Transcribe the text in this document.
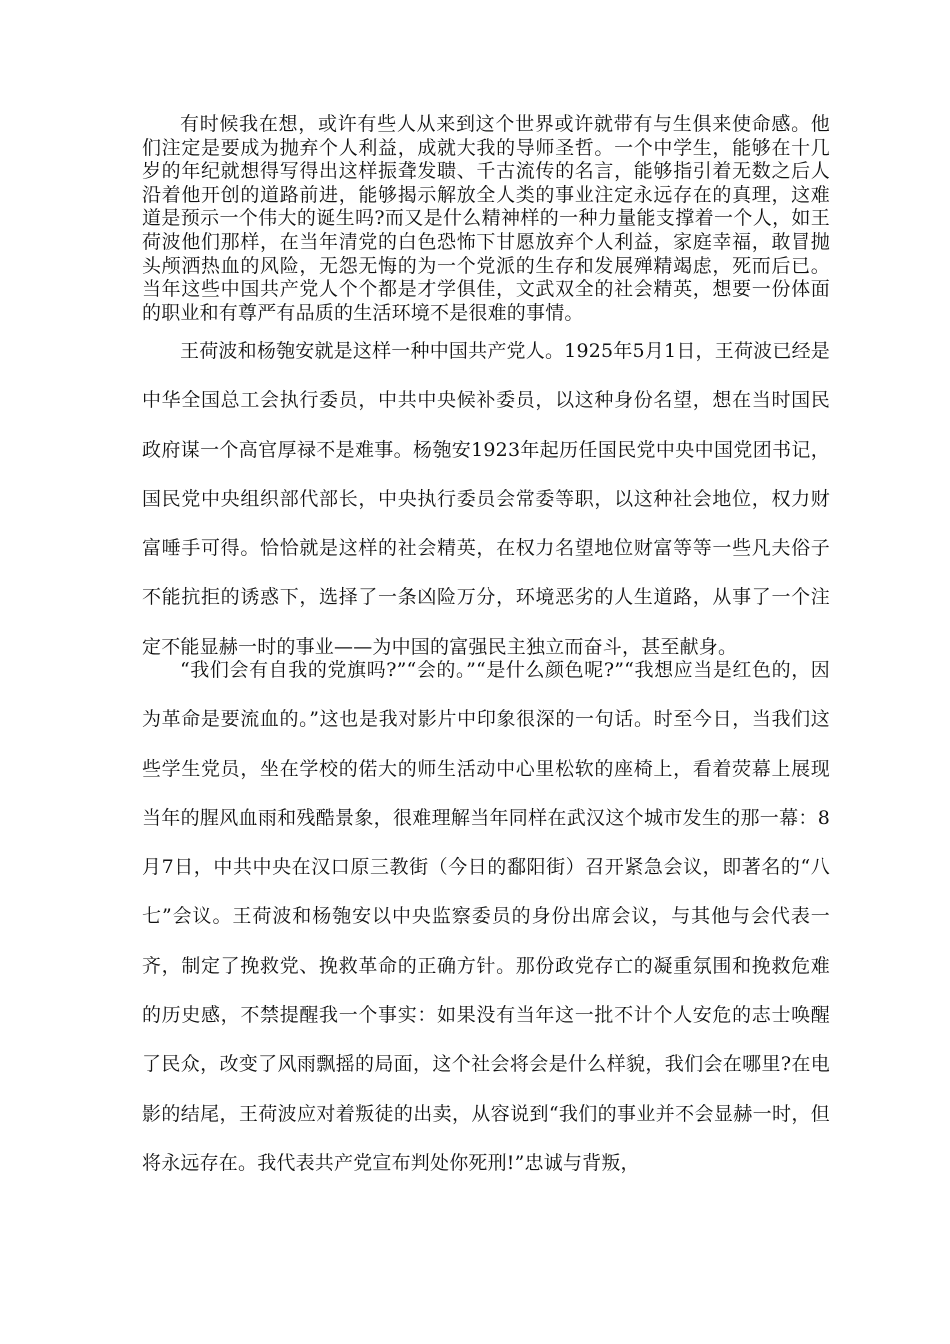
有时候我在想，或许有些人从来到这个世界或许就带有与生俱来使命感。他们注定是要成为抛弃个人利益，成就大我的导师圣哲。一个中学生，能够在十几岁的年纪就想得写得出这样振聋发聩、千古流传的名言，能够指引着无数之后人沿着他开创的道路前进，能够揭示解放全人类的事业注定永远存在的真理，这难道是预示一个伟大的诞生吗?而又是什么精神样的一种力量能支撑着一个人，如王荷波他们那样，在当年清党的白色恐怖下甘愿放弃个人利益，家庭幸福，敢冒抛头颅洒热血的风险，无怨无悔的为一个党派的生存和发展殚精竭虑，死而后已。当年这些中国共产党人个个都是才学俱佳，文武双全的社会精英，想要一份体面的职业和有尊严有品质的生活环境不是很难的事情。

王荷波和杨匏安就是这样一种中国共产党人。1925年5月1日，王荷波已经是中华全国总工会执行委员，中共中央候补委员，以这种身份名望，想在当时国民政府谋一个高官厚禄不是难事。杨匏安1923年起历任国民党中央中国党团书记，国民党中央组织部代部长，中央执行委员会常委等职，以这种社会地位，权力财富唾手可得。恰恰就是这样的社会精英，在权力名望地位财富等等一些凡夫俗子不能抗拒的诱惑下，选择了一条凶险万分，环境恶劣的人生道路，从事了一个注定不能显赫一时的事业——为中国的富强民主独立而奋斗，甚至献身。

“我们会有自我的党旗吗?”“会的。”“是什么颜色呢?”“我想应当是红色的，因为革命是要流血的。”这也是我对影片中印象很深的一句话。时至今日，当我们这些学生党员，坐在学校的偌大的师生活动中心里松软的座椅上，看着荧幕上展现当年的腥风血雨和残酷景象，很难理解当年同样在武汉这个城市发生的那一幕：8月7日，中共中央在汉口原三教街（今日的鄱阳街）召开紧急会议，即著名的“八七”会议。王荷波和杨匏安以中央监察委员的身份出席会议，与其他与会代表一齐，制定了挽救党、挽救革命的正确方针。那份政党存亡的凝重氛围和挽救危难的历史感，不禁提醒我一个事实：如果没有当年这一批不计个人安危的志士唤醒了民众，改变了风雨飘摇的局面，这个社会将会是什么样貌，我们会在哪里?在电影的结尾，王荷波应对着叛徒的出卖，从容说到“我们的事业并不会显赫一时，但将永远存在。我代表共产党宣布判处你死刑!”忠诚与背叛，
